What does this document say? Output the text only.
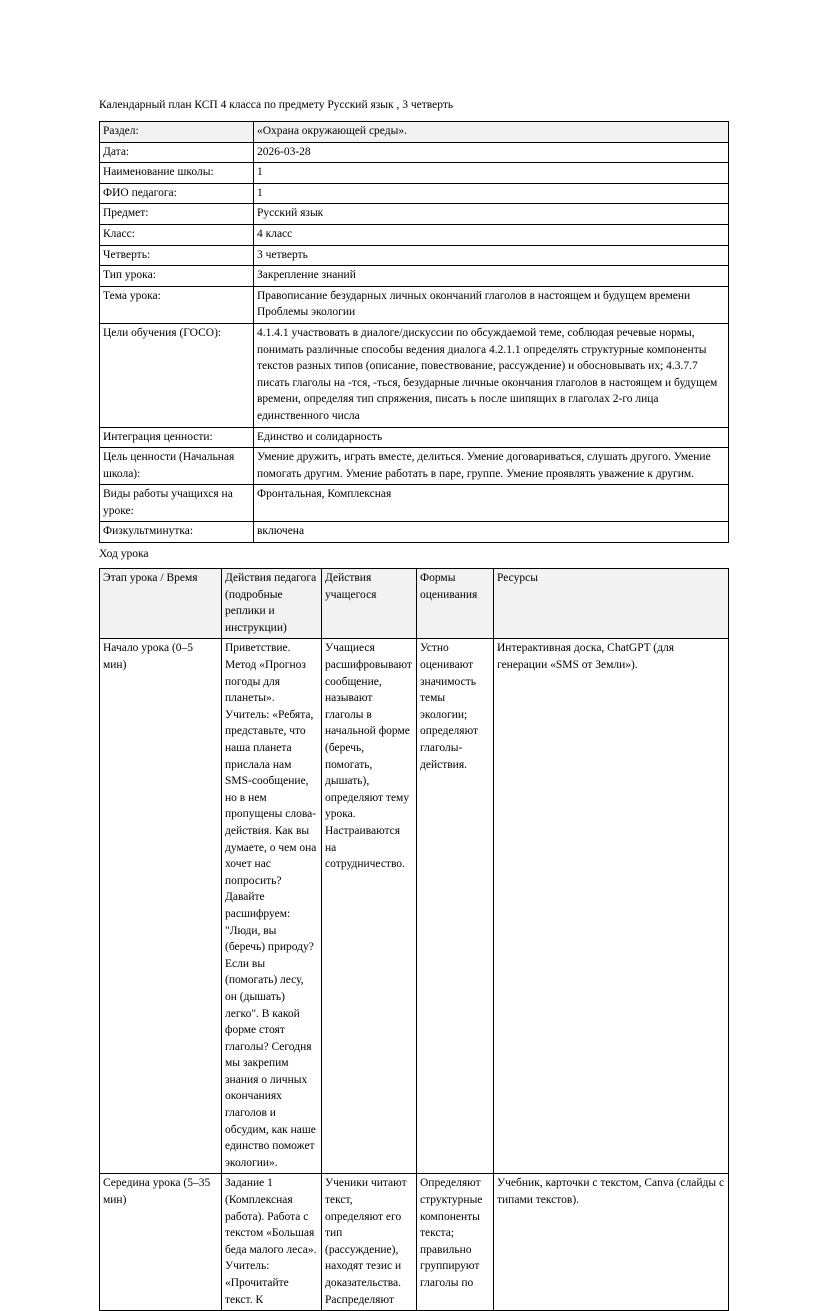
Календарный план КСП 4 класса по предмету Русский язык , 3 четверть

Раздел:	«Охрана окружающей среды».
Дата:	2026-03-28
Наименование школы:	1
ФИО педагога:	1
Предмет:	Русский язык
Класс:	4 класс
Четверть:	3 четверть
Тип урока:	Закрепление знаний
Тема урока:	Правописание безударных личных окончаний глаголов в настоящем и будущем времени Проблемы экологии
Цели обучения (ГОСО):	4.1.4.1 участвовать в диалоге/дискуссии по обсуждаемой теме, соблюдая речевые нормы, понимать различные способы ведения диалога 4.2.1.1 определять структурные компоненты текстов разных типов (описание, повествование, рассуждение) и обосновывать их; 4.3.7.7 писать глаголы на -тся, -ться, безударные личные окончания глаголов в настоящем и будущем времени, определяя тип спряжения, писать ь после шипящих в глаголах 2-го лица единственного числа
Интеграция ценности:	Единство и солидарность
Цель ценности (Начальная школа):	Умение дружить, играть вместе, делиться. Умение договариваться, слушать другого. Умение помогать другим. Умение работать в паре, группе. Умение проявлять уважение к другим.
Виды работы учащихся на уроке:	Фронтальная, Комплексная
Физкультминутка:	включена

Ход урока

Этап урока / Время	Действия педагога (подробные реплики и инструкции)	Действия учащегося	Формы оценивания	Ресурсы
Начало урока (0–5 мин)	Приветствие. Метод «Прогноз погоды для планеты». Учитель: «Ребята, представьте, что наша планета прислала нам SMS-сообщение, но в нем пропущены слова-действия. Как вы думаете, о чем она хочет нас попросить? Давайте расшифруем: "Люди, вы (беречь) природу? Если вы (помогать) лесу, он (дышать) легко". В какой форме стоят глаголы? Сегодня мы закрепим знания о личных окончаниях глаголов и обсудим, как наше единство поможет экологии».	Учащиеся расшифровывают сообщение, называют глаголы в начальной форме (беречь, помогать, дышать), определяют тему урока. Настраиваются на сотрудничество.	Устно оценивают значимость темы экологии; определяют глаголы-действия.	Интерактивная доска, ChatGPT (для генерации «SMS от Земли»).
Середина урока (5–35 мин)	Задание 1 (Комплексная работа). Работа с текстом «Большая беда малого леса». Учитель: «Прочитайте текст. К	Ученики читают текст, определяют его тип (рассуждение), находят тезис и доказательства. Распределяют	Определяют структурные компоненты текста; правильно группируют глаголы по	Учебник, карточки с текстом, Canva (слайды с типами текстов).
